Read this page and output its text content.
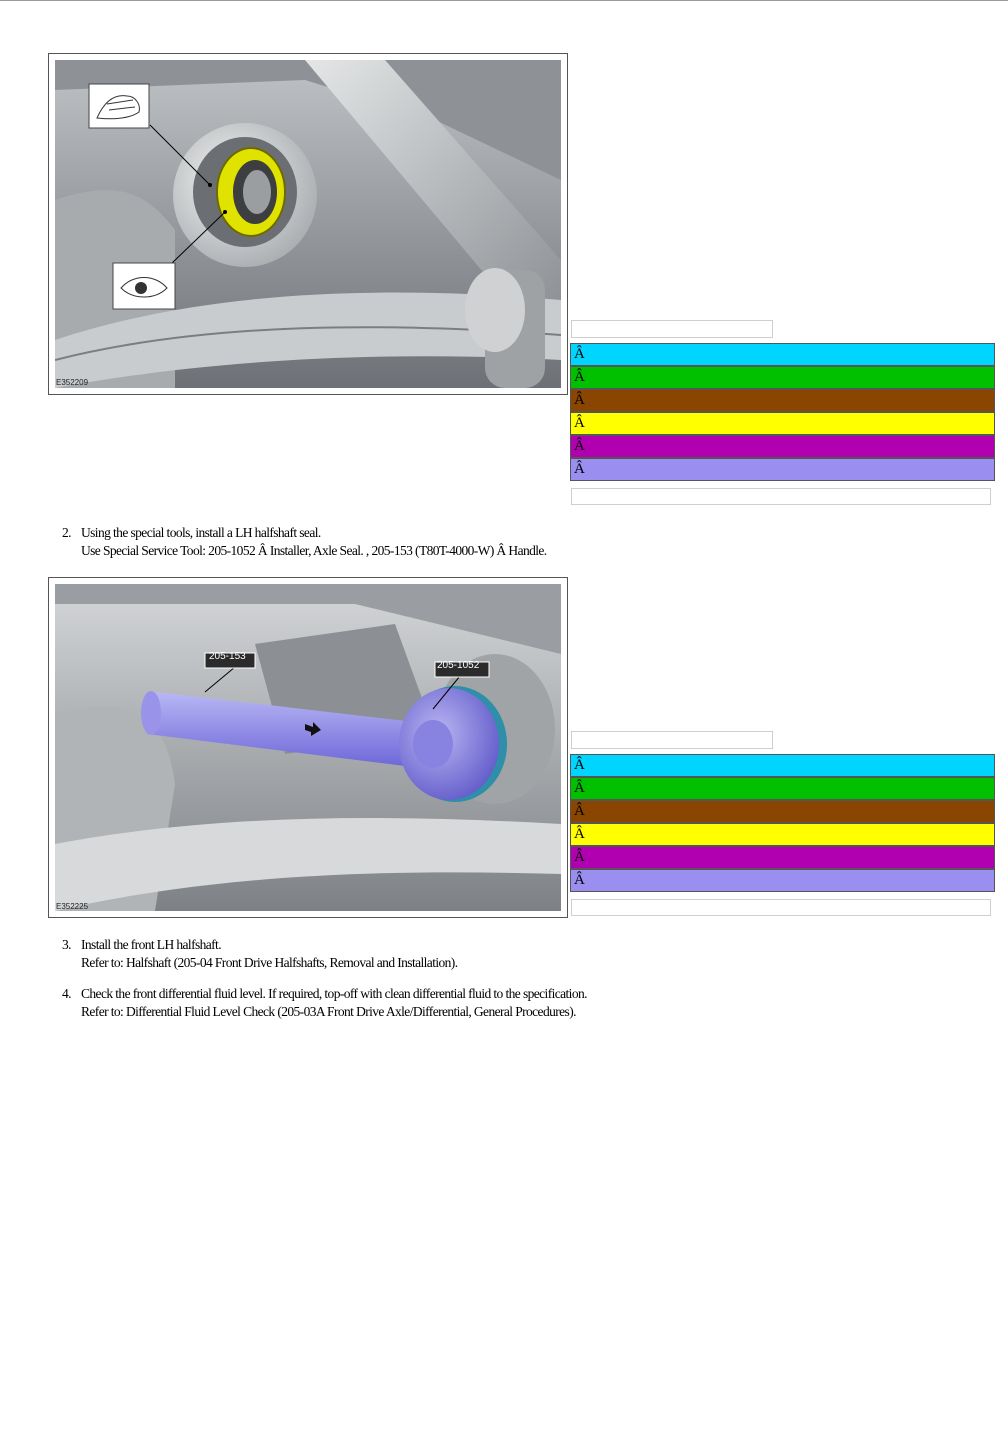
E352209
Â
Â
Â
Â
Â
Â
2. Using the special tools, install a LH halfshaft seal.
Use Special Service Tool: 205-1052 Â Installer, Axle Seal. , 205-153 (T80T-4000-W) Â Handle.
205-153
205-1052
E352225
Â
Â
Â
Â
Â
Â
3. Install the front LH halfshaft.
Refer to: Halfshaft (205-04 Front Drive Halfshafts, Removal and Installation).
4. Check the front differential fluid level. If required, top-off with clean differential fluid to the specification.
Refer to: Differential Fluid Level Check (205-03A Front Drive Axle/Differential, General Procedures).
